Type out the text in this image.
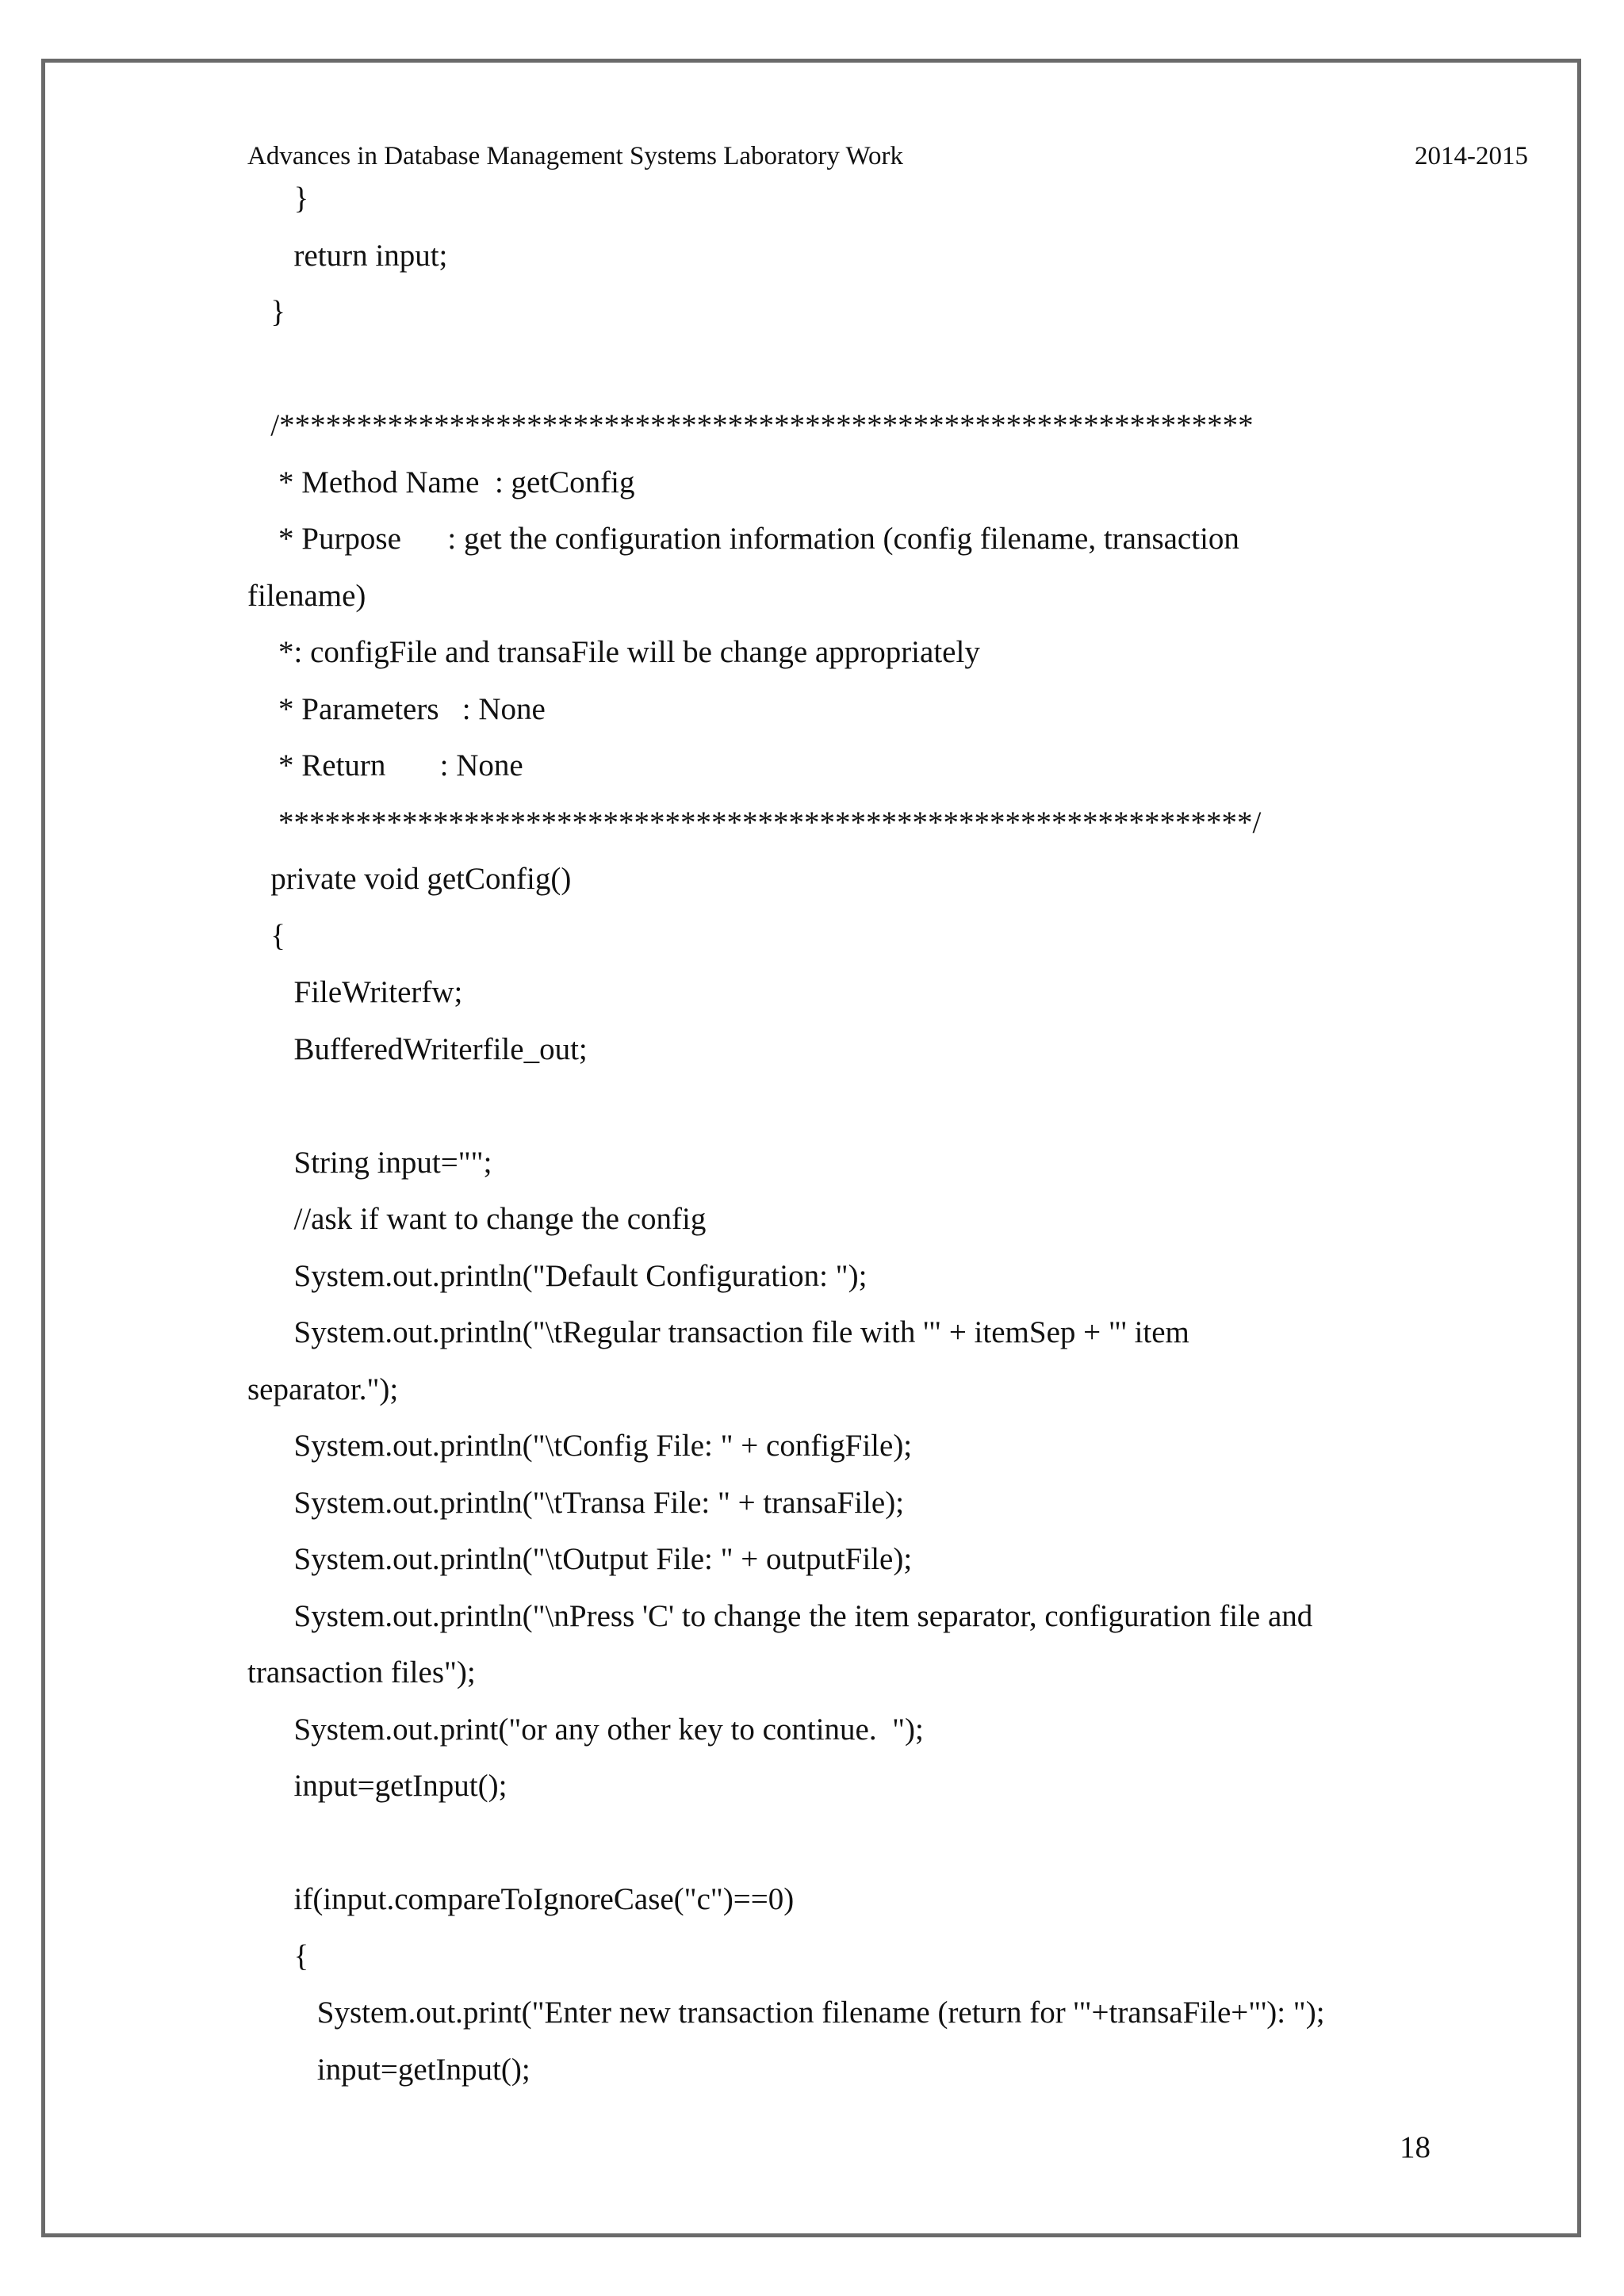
Advances in Database Management Systems Laboratory Work	2014-2015
}
return input;
}
/***************************************************************
* Method Name  : getConfig
* Purpose      : get the configuration information (config filename, transaction
filename)
*: configFile and transaFile will be change appropriately
* Parameters   : None
* Return       : None
***************************************************************/
private void getConfig()
{
FileWriterfw;
BufferedWriterfile_out;
String input="";
//ask if want to change the config
System.out.println("Default Configuration: ");
System.out.println("\tRegular transaction file with '" + itemSep + "' item
separator.");
System.out.println("\tConfig File: " + configFile);
System.out.println("\tTransa File: " + transaFile);
System.out.println("\tOutput File: " + outputFile);
System.out.println("\nPress 'C' to change the item separator, configuration file and
transaction files");
System.out.print("or any other key to continue.  ");
input=getInput();
if(input.compareToIgnoreCase("c")==0)
{
System.out.print("Enter new transaction filename (return for '"+transaFile+"'): ");
input=getInput();
18
